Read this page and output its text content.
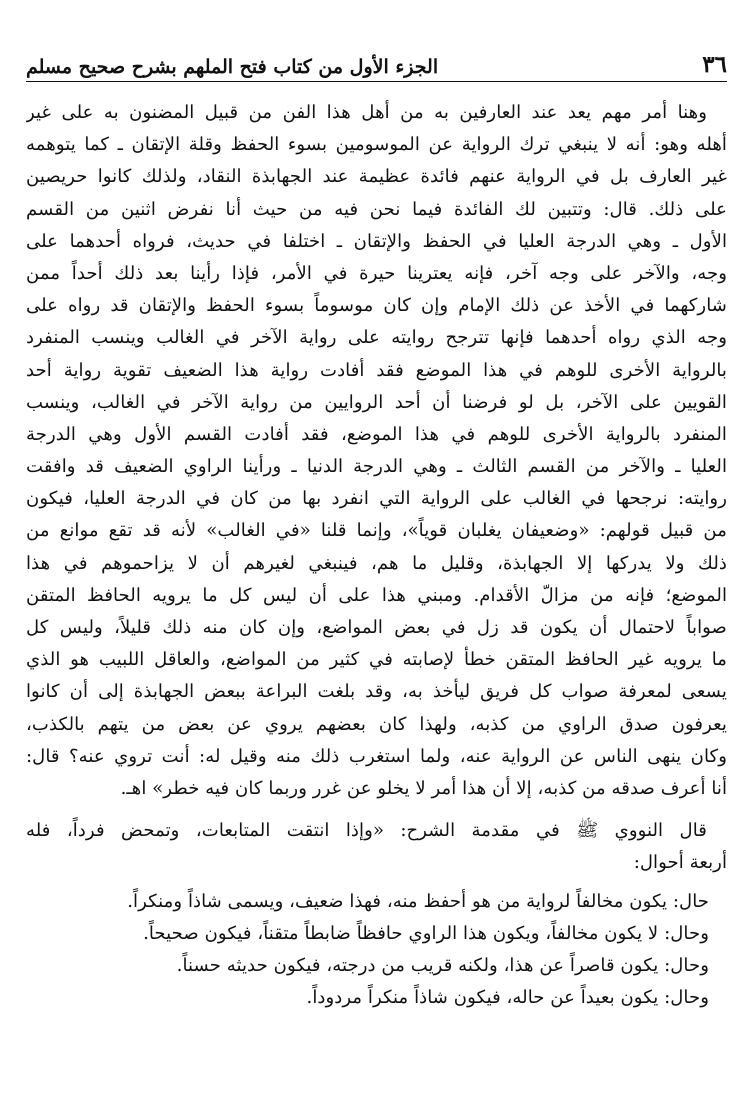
٣٦
الجزء الأول من كتاب فتح الملهم بشرح صحيح مسلم
وهنا أمر مهم يعد عند العارفين به من أهل هذا الفن من قبيل المضنون به على غير
أهله وهو: أنه لا ينبغي ترك الرواية عن الموسومين بسوء الحفظ وقلة الإتقان ـ كما يتوهمه
غير العارف بل في الرواية عنهم فائدة عظيمة عند الجهابذة النقاد، ولذلك كانوا حريصين
على ذلك. قال: وتتبين لك الفائدة فيما نحن فيه من حيث أنا نفرض اثنين من القسم
الأول ـ وهي الدرجة العليا في الحفظ والإتقان ـ اختلفا في حديث، فرواه أحدهما على
وجه، والآخر على وجه آخر، فإنه يعترينا حيرة في الأمر، فإذا رأينا بعد ذلك أحداً ممن
شاركهما في الأخذ عن ذلك الإمام وإن كان موسوماً بسوء الحفظ والإتقان قد رواه على
وجه الذي رواه أحدهما فإنها تترجح روايته على رواية الآخر في الغالب وينسب المنفرد
بالرواية الأخرى للوهم في هذا الموضع فقد أفادت رواية هذا الضعيف تقوية رواية أحد
القويين على الآخر، بل لو فرضنا أن أحد الروايين من رواية الآخر في الغالب، وينسب
المنفرد بالرواية الأخرى للوهم في هذا الموضع، فقد أفادت القسم الأول وهي الدرجة
العليا ـ والآخر من القسم الثالث ـ وهي الدرجة الدنيا ـ ورأينا الراوي الضعيف قد وافقت
روايته: نرجحها في الغالب على الرواية التي انفرد بها من كان في الدرجة العليا، فيكون
من قبيل قولهم: «وضعيفان يغلبان قوياً»، وإنما قلنا «في الغالب» لأنه قد تقع موانع من
ذلك ولا يدركها إلا الجهابذة، وقليل ما هم، فينبغي لغيرهم أن لا يزاحموهم في هذا
الموضع؛ فإنه من مزالّ الأقدام. ومبني هذا على أن ليس كل ما يرويه الحافظ المتقن
صواباً لاحتمال أن يكون قد زل في بعض المواضع، وإن كان منه ذلك قليلاً، وليس كل
ما يرويه غير الحافظ المتقن خطأ لإصابته في كثير من المواضع، والعاقل اللبيب هو الذي
يسعى لمعرفة صواب كل فريق ليأخذ به، وقد بلغت البراعة ببعض الجهابذة إلى أن كانوا
يعرفون صدق الراوي من كذبه، ولهذا كان بعضهم يروي عن بعض من يتهم بالكذب،
وكان ينهى الناس عن الرواية عنه، ولما استغرب ذلك منه وقيل له: أنت تروي عنه؟ قال:
أنا أعرف صدقه من كذبه، إلا أن هذا أمر لا يخلو عن غرر وربما كان فيه خطر» اهـ.
قال النووي ﷺ في مقدمة الشرح: «وإذا انتقت المتابعات، وتمحض فرداً، فله
أربعة أحوال:
حال: يكون مخالفاً لرواية من هو أحفظ منه، فهذا ضعيف، ويسمى شاذاً ومنكراً.
وحال: لا يكون مخالفاً، ويكون هذا الراوي حافظاً ضابطاً متقناً، فيكون صحيحاً.
وحال: يكون قاصراً عن هذا، ولكنه قريب من درجته، فيكون حديثه حسناً.
وحال: يكون بعيداً عن حاله، فيكون شاذاً منكراً مردوداً.
